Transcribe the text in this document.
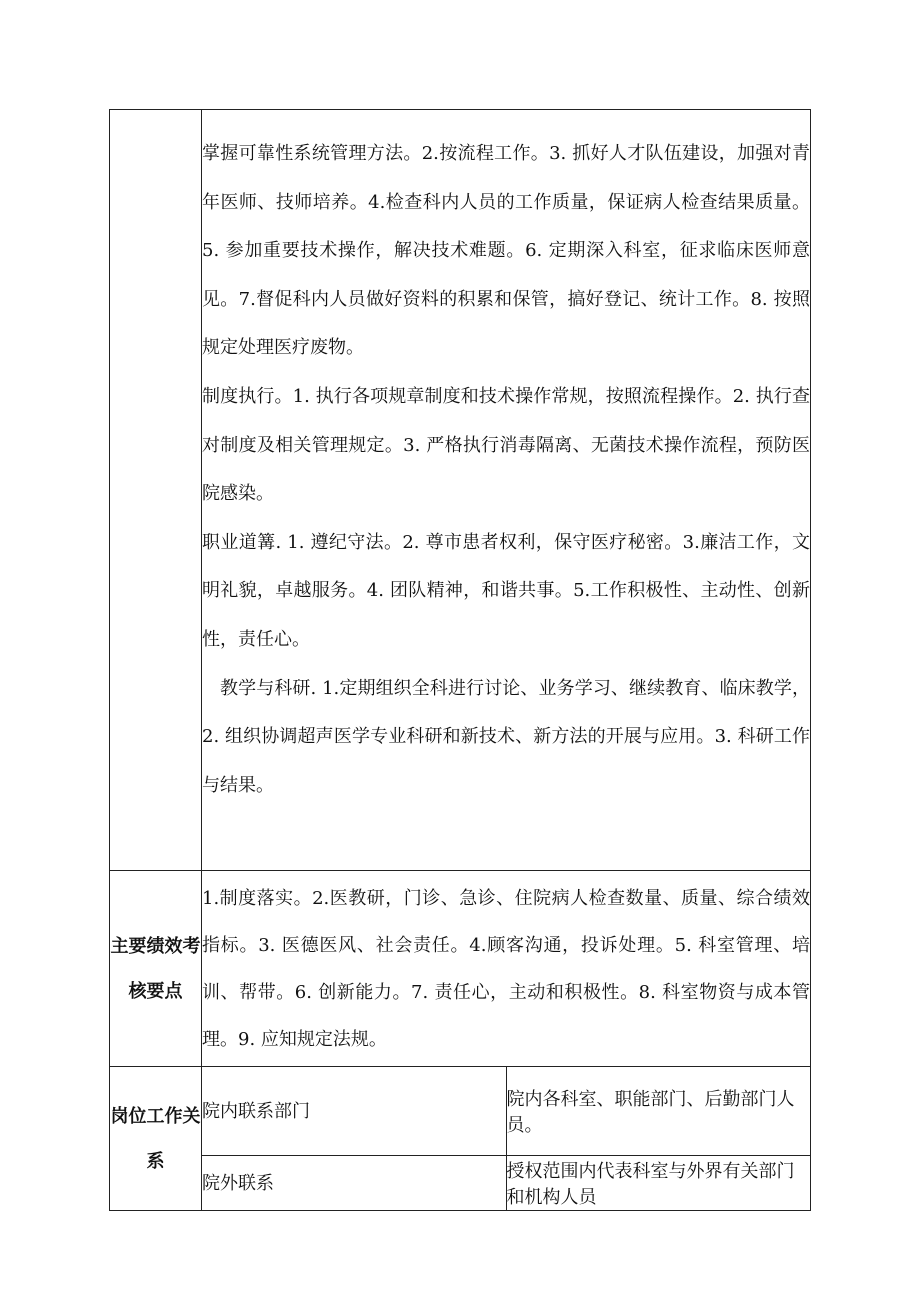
	掌握可靠性系统管理方法。2.按流程工作。3. 抓好人才队伍建设，加强对青年医师、技师培养。4.检查科内人员的工作质量，保证病人检查结果质量。5. 参加重要技术操作，解决技术难题。6. 定期深入科室，征求临床医师意见。7.督促科内人员做好资料的积累和保管，搞好登记、统计工作。8. 按照规定处理医疗废物。

制度执行。1. 执行各项规章制度和技术操作常规，按照流程操作。2. 执行查对制度及相关管理规定。3. 严格执行消毒隔离、无菌技术操作流程，预防医院感染。

职业道篝. 1. 遵纪守法。2. 尊市患者权利，保守医疗秘密。3.廉洁工作，文明礼貌，卓越服务。4. 团队精神，和谐共事。5.工作积极性、主动性、创新性，责任心。

教学与科研. 1.定期组织全科进行讨论、业务学习、继续教育、临床教学，2. 组织协调超声医学专业科研和新技术、新方法的开展与应用。3. 科研工作与结果。	

主要绩效考核要点	1.制度落实。2.医教研，门诊、急诊、住院病人检查数量、质量、综合绩效指标。3. 医德医风、社会责任。4.顾客沟通，投诉处理。5. 科室管理、培训、帮带。6. 创新能力。7. 责任心，主动和积极性。8. 科室物资与成本管理。9. 应知规定法规。	
岗位工作关系	院内联系部门	院内各科室、职能部门、后勤部门人员。
	院外联系	授权范围内代表科室与外界有关部门和机构人员
